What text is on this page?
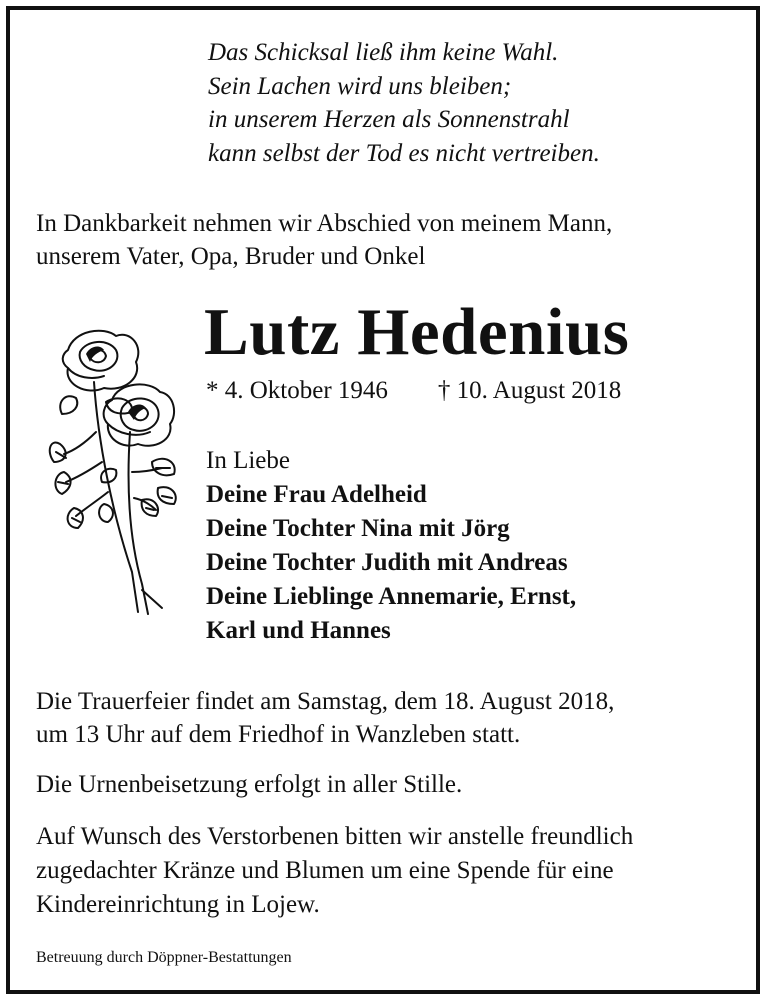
Das Schicksal ließ ihm keine Wahl.
Sein Lachen wird uns bleiben;
in unserem Herzen als Sonnenstrahl
kann selbst der Tod es nicht vertreiben.
In Dankbarkeit nehmen wir Abschied von meinem Mann,
unserem Vater, Opa, Bruder und Onkel
Lutz Hedenius
* 4. Oktober 1946 † 10. August 2018
In Liebe
Deine Frau Adelheid
Deine Tochter Nina mit Jörg
Deine Tochter Judith mit Andreas
Deine Lieblinge Annemarie, Ernst,
Karl und Hannes
Die Trauerfeier findet am Samstag, dem 18. August 2018,
um 13 Uhr auf dem Friedhof in Wanzleben statt.
Die Urnenbeisetzung erfolgt in aller Stille.
Auf Wunsch des Verstorbenen bitten wir anstelle freundlich
zugedachter Kränze und Blumen um eine Spende für eine
Kindereinrichtung in Lojew.
Betreuung durch Döppner-Bestattungen
